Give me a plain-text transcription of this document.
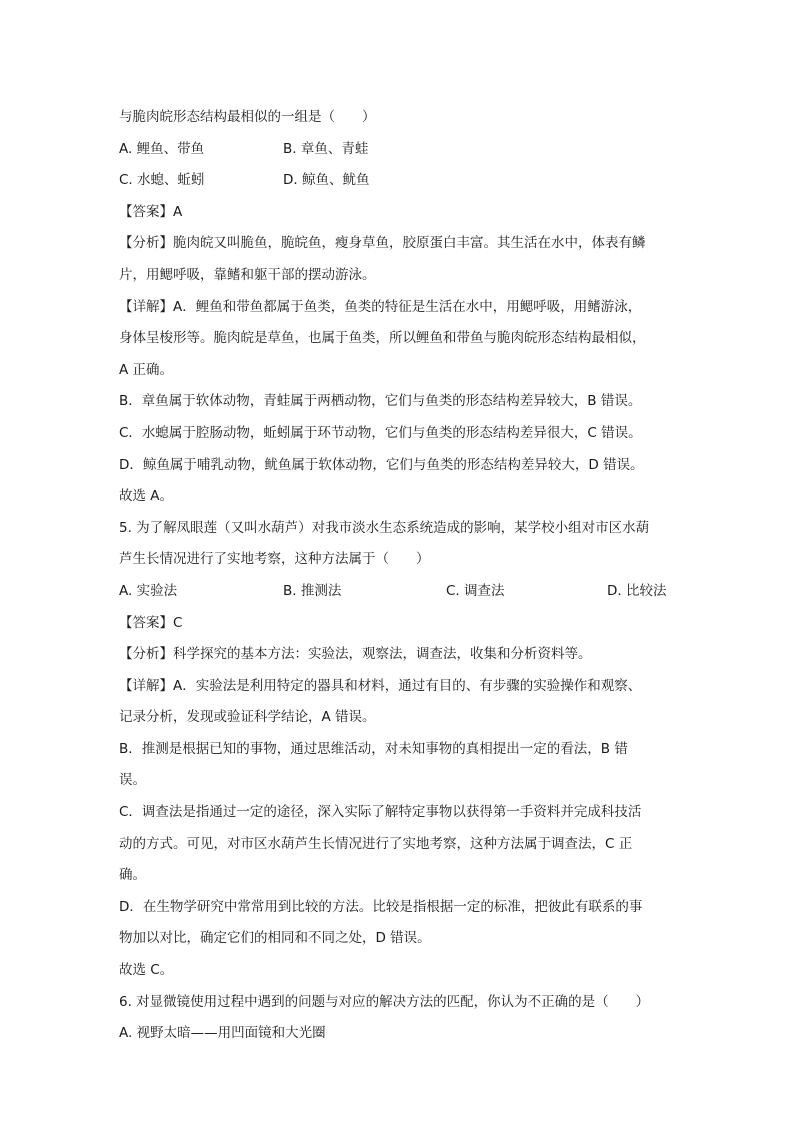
与脆肉皖形态结构最相似的一组是（　　）
A. 鲤鱼、带鱼	B. 章鱼、青蛙
C. 水螅、蚯蚓	D. 鲸鱼、鱿鱼
【答案】A
【分析】脆肉皖又叫脆鱼，脆皖鱼，瘦身草鱼，胶原蛋白丰富。其生活在水中，体表有鳞
片，用鳃呼吸，靠鳍和躯干部的摆动游泳。
【详解】A．鲤鱼和带鱼都属于鱼类，鱼类的特征是生活在水中，用鳃呼吸，用鳍游泳，
身体呈梭形等。脆肉皖是草鱼，也属于鱼类，所以鲤鱼和带鱼与脆肉皖形态结构最相似，
A 正确。
B．章鱼属于软体动物，青蛙属于两栖动物，它们与鱼类的形态结构差异较大，B 错误。
C．水螅属于腔肠动物，蚯蚓属于环节动物，它们与鱼类的形态结构差异很大，C 错误。
D．鲸鱼属于哺乳动物，鱿鱼属于软体动物，它们与鱼类的形态结构差异较大，D 错误。
故选 A。
5. 为了解凤眼莲（又叫水葫芦）对我市淡水生态系统造成的影响，某学校小组对市区水葫
芦生长情况进行了实地考察，这种方法属于（　　）
A. 实验法	B. 推测法	C. 调查法	D. 比较法
【答案】C
【分析】科学探究的基本方法：实验法，观察法，调查法，收集和分析资料等。
【详解】A．实验法是利用特定的器具和材料，通过有目的、有步骤的实验操作和观察、
记录分析，发现或验证科学结论，A 错误。
B．推测是根据已知的事物，通过思维活动，对未知事物的真相提出一定的看法，B 错
误。
C．调查法是指通过一定的途径，深入实际了解特定事物以获得第一手资料并完成科技活
动的方式。可见，对市区水葫芦生长情况进行了实地考察，这种方法属于调查法，C 正
确。
D．在生物学研究中常常用到比较的方法。比较是指根据一定的标准，把彼此有联系的事
物加以对比，确定它们的相同和不同之处，D 错误。
故选 C。
6. 对显微镜使用过程中遇到的问题与对应的解决方法的匹配，你认为不正确的是（　　）
A. 视野太暗——用凹面镜和大光圈
